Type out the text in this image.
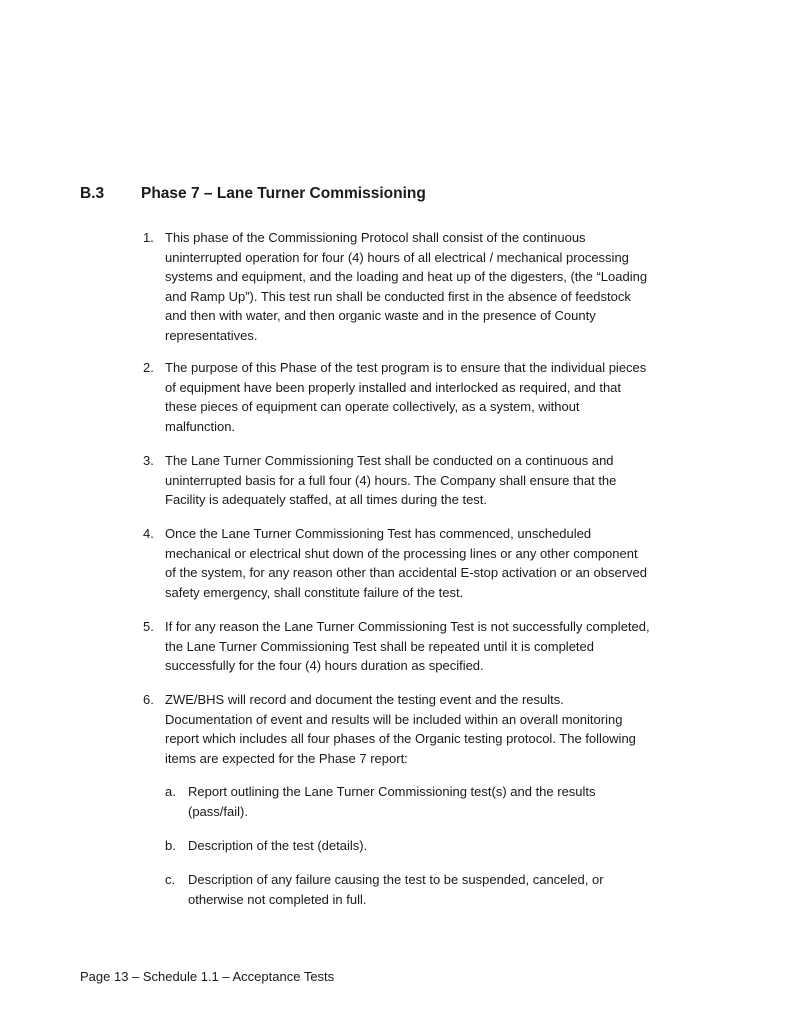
B.3 Phase 7 – Lane Turner Commissioning
1. This phase of the Commissioning Protocol shall consist of the continuous
uninterrupted operation for four (4) hours of all electrical / mechanical processing
systems and equipment, and the loading and heat up of the digesters, (the “Loading
and Ramp Up”). This test run shall be conducted first in the absence of feedstock
and then with water, and then organic waste and in the presence of County
representatives.
2. The purpose of this Phase of the test program is to ensure that the individual pieces
of equipment have been properly installed and interlocked as required, and that
these pieces of equipment can operate collectively, as a system, without
malfunction.
3. The Lane Turner Commissioning Test shall be conducted on a continuous and
uninterrupted basis for a full four (4) hours. The Company shall ensure that the
Facility is adequately staffed, at all times during the test.
4. Once the Lane Turner Commissioning Test has commenced, unscheduled
mechanical or electrical shut down of the processing lines or any other component
of the system, for any reason other than accidental E-stop activation or an observed
safety emergency, shall constitute failure of the test.
5. If for any reason the Lane Turner Commissioning Test is not successfully completed,
the Lane Turner Commissioning Test shall be repeated until it is completed
successfully for the four (4) hours duration as specified.
6. ZWE/BHS will record and document the testing event and the results.
Documentation of event and results will be included within an overall monitoring
report which includes all four phases of the Organic testing protocol. The following
items are expected for the Phase 7 report:
a. Report outlining the Lane Turner Commissioning test(s) and the results
(pass/fail).
b. Description of the test (details).
c. Description of any failure causing the test to be suspended, canceled, or
otherwise not completed in full.
Page 13 – Schedule 1.1 – Acceptance Tests
